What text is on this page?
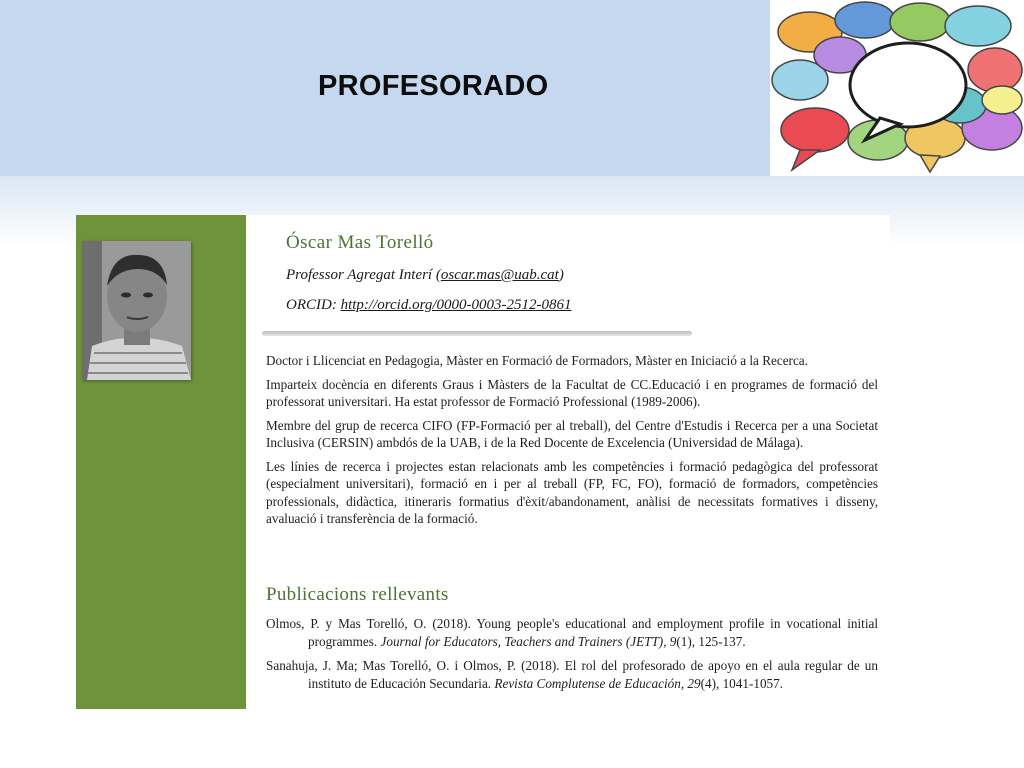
PROFESORADO
Óscar Mas Torelló
Professor Agregat Interí (oscar.mas@uab.cat)
ORCID: http://orcid.org/0000-0003-2512-0861

Doctor i Llicenciat en Pedagogia, Màster en Formació de Formadors, Màster en Iniciació a la Recerca.

Imparteix docència en diferents Graus i Màsters de la Facultat de CC.Educació i en programes de formació del professorat universitari. Ha estat professor de Formació Professional (1989-2006).

Membre del grup de recerca CIFO (FP-Formació per al treball), del Centre d'Estudis i Recerca per a una Societat Inclusiva (CERSIN) ambdós de la UAB, i de la Red Docente de Excelencia (Universidad de Málaga).

Les línies de recerca i projectes estan relacionats amb les competències i formació pedagògica del professorat (especialment universitari), formació en i per al treball (FP, FC, FO), formació de formadors, competències professionals, didàctica, itineraris formatius d'èxit/abandonament, anàlisi de necessitats formatives i disseny, avaluació i transferència de la formació.

Publicacions rellevants

Olmos, P. y Mas Torelló, O. (2018). Young people's educational and employment profile in vocational initial programmes. Journal for Educators, Teachers and Trainers (JETT), 9(1), 125-137.

Sanahuja, J. Ma; Mas Torelló, O. i Olmos, P. (2018). El rol del profesorado de apoyo en el aula regular de un instituto de Educación Secundaria. Revista Complutense de Educación, 29(4), 1041-1057.
